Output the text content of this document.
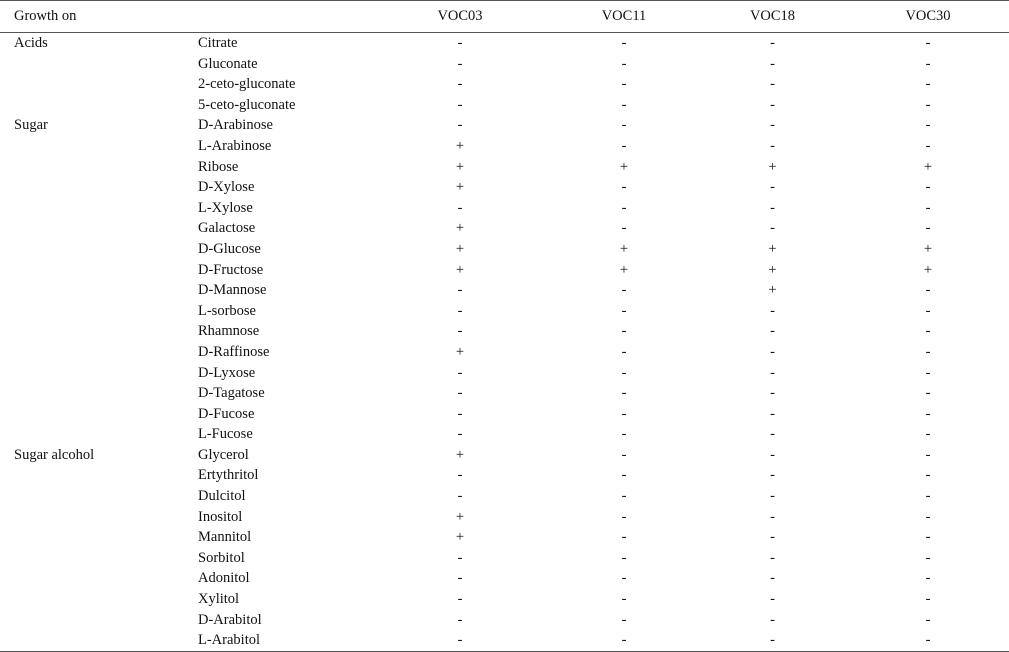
Growth on		VOC03	VOC11	VOC18	VOC30
Acids	Citrate	-	-	-	-
	Gluconate	-	-	-	-
	2-ceto-gluconate	-	-	-	-
	5-ceto-gluconate	-	-	-	-
Sugar	D-Arabinose	-	-	-	-
	L-Arabinose	+	-	-	-
	Ribose	+	+	+	+
	D-Xylose	+	-	-	-
	L-Xylose	-	-	-	-
	Galactose	+	-	-	-
	D-Glucose	+	+	+	+
	D-Fructose	+	+	+	+
	D-Mannose	-	-	+	-
	L-sorbose	-	-	-	-
	Rhamnose	-	-	-	-
	D-Raffinose	+	-	-	-
	D-Lyxose	-	-	-	-
	D-Tagatose	-	-	-	-
	D-Fucose	-	-	-	-
	L-Fucose	-	-	-	-
Sugar alcohol	Glycerol	+	-	-	-
	Ertythritol	-	-	-	-
	Dulcitol	-	-	-	-
	Inositol	+	-	-	-
	Mannitol	+	-	-	-
	Sorbitol	-	-	-	-
	Adonitol	-	-	-	-
	Xylitol	-	-	-	-
	D-Arabitol	-	-	-	-
	L-Arabitol	-	-	-	-
